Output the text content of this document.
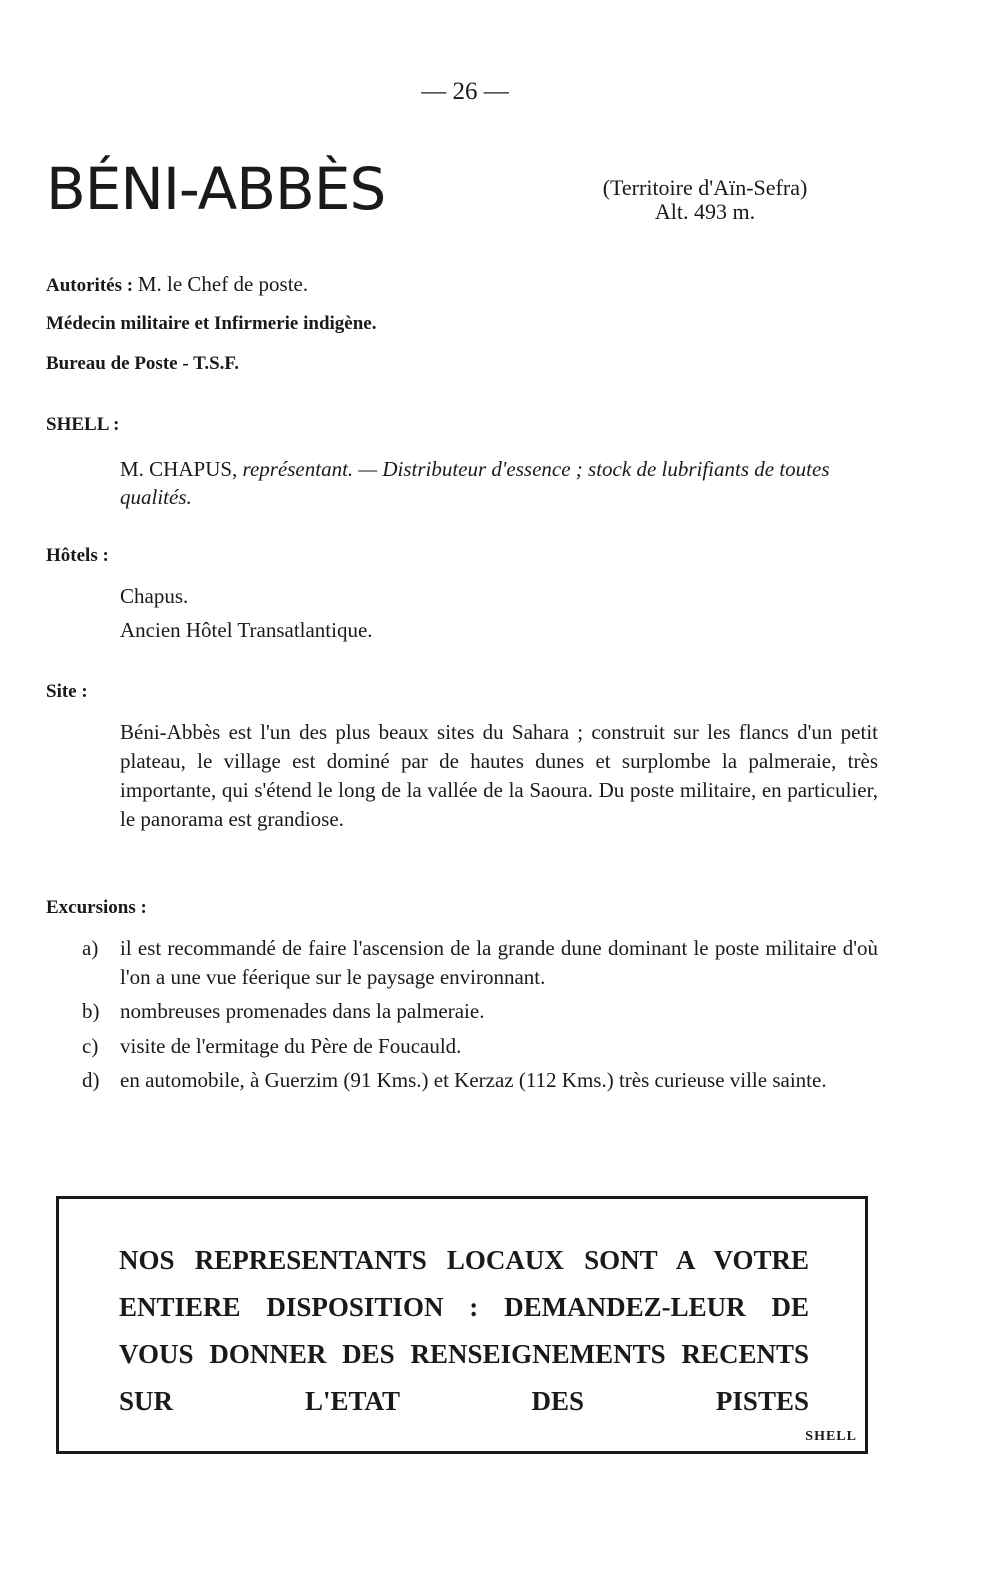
— 26 —
BÉNI-ABBÈS	(Territoire d'Aïn-Sefra)
Alt. 493 m.
Autorités : M. le Chef de poste.
Médecin militaire et Infirmerie indigène.
Bureau de Poste - T.S.F.
SHELL :
M. CHAPUS, représentant. — Distributeur d'essence ; stock de lubrifiants de toutes qualités.
Hôtels :
Chapus.
Ancien Hôtel Transatlantique.
Site :
Béni-Abbès est l'un des plus beaux sites du Sahara ; construit sur les flancs d'un petit plateau, le village est dominé par de hautes dunes et surplombe la palmeraie, très importante, qui s'étend le long de la vallée de la Saoura. Du poste militaire, en particulier, le panorama est grandiose.
Excursions :
a)	il est recommandé de faire l'ascension de la grande dune dominant le poste militaire d'où l'on a une vue féerique sur le paysage environnant.
b) nombreuses promenades dans la palmeraie.
c)	visite de l'ermitage du Père de Foucauld.
d) en automobile, à Guerzim (91 Kms.) et Kerzaz (112 Kms.) très curieuse ville sainte.
NOS REPRESENTANTS LOCAUX SONT A VOTRE ENTIERE DISPOSITION : DEMANDEZ-LEUR DE VOUS DONNER DES RENSEIGNEMENTS RECENTS SUR L'ETAT DES PISTES
SHELL
